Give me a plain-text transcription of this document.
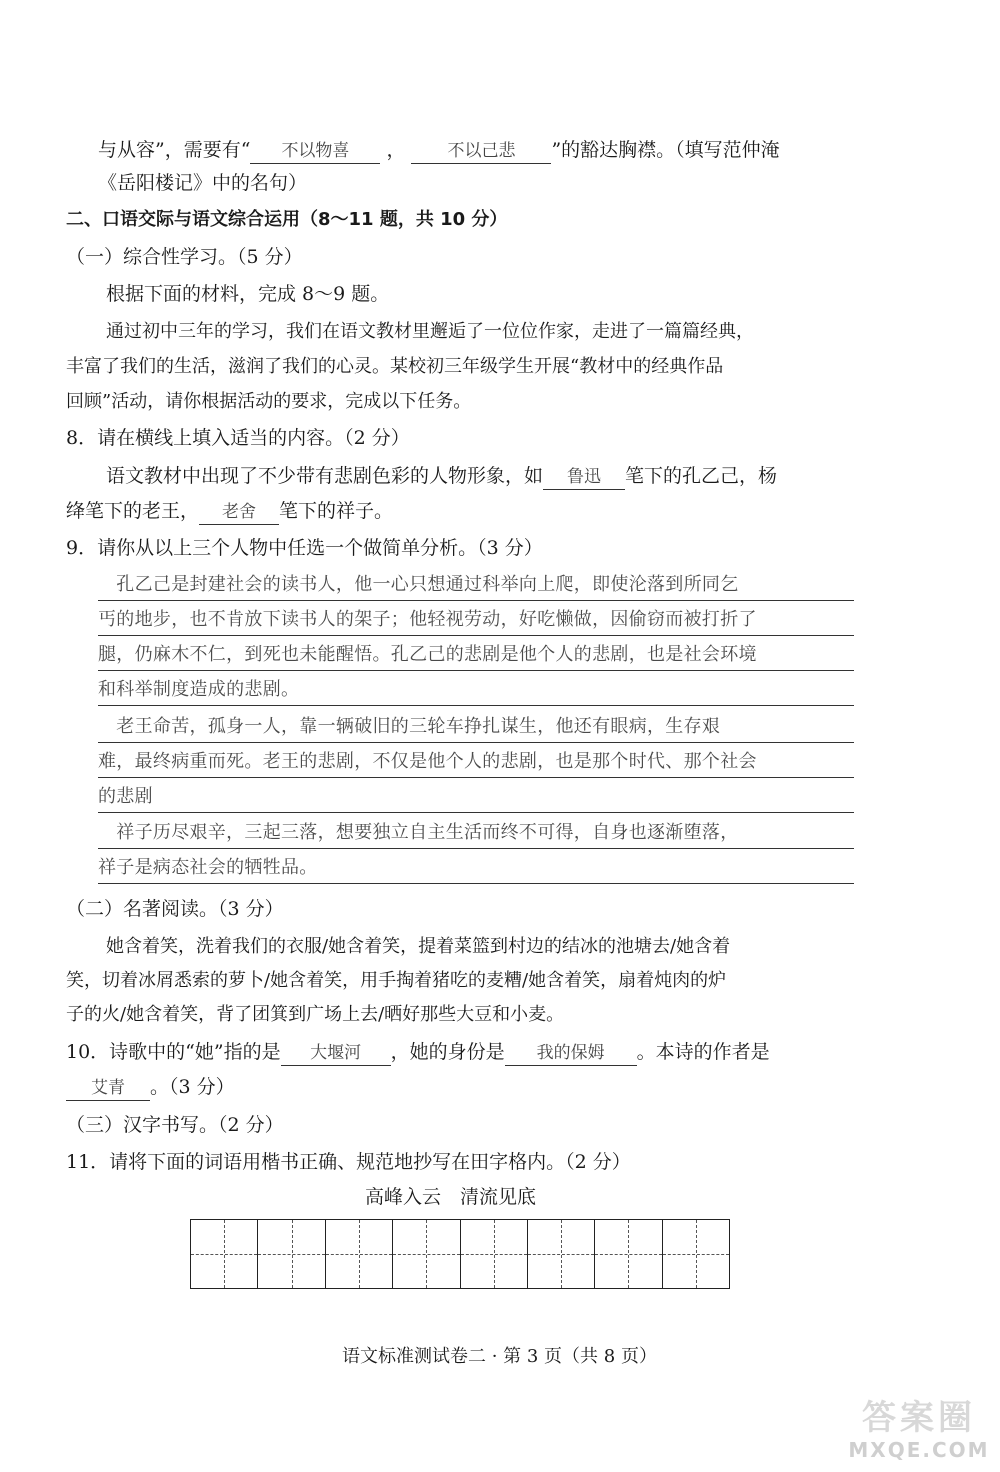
与从容”，需要有“ 不以物喜 ， 不以己悲 ”的豁达胸襟。（填写范仲淹
《岳阳楼记》中的名句）
二、口语交际与语文综合运用（8～11 题，共 10 分）
（一）综合性学习。（5 分）
根据下面的材料，完成 8～9 题。
通过初中三年的学习，我们在语文教材里邂逅了一位位作家，走进了一篇篇经典，
丰富了我们的生活，滋润了我们的心灵。某校初三年级学生开展“教材中的经典作品
回顾”活动，请你根据活动的要求，完成以下任务。
8．请在横线上填入适当的内容。（2 分）
语文教材中出现了不少带有悲剧色彩的人物形象，如 鲁迅 笔下的孔乙己，杨
绛笔下的老王， 老舍 笔下的祥子。
9．请你从以上三个人物中任选一个做简单分析。（3 分）
　孔乙己是封建社会的读书人，他一心只想通过科举向上爬，即使沦落到所同乞
丐的地步，也不肯放下读书人的架子；他轻视劳动，好吃懒做，因偷窃而被打折了
腿，仍麻木不仁，到死也未能醒悟。孔乙己的悲剧是他个人的悲剧，也是社会环境
和科举制度造成的悲剧。
　老王命苦，孤身一人，靠一辆破旧的三轮车挣扎谋生，他还有眼病，生存艰
难，最终病重而死。老王的悲剧，不仅是他个人的悲剧，也是那个时代、那个社会
的悲剧
　祥子历尽艰辛，三起三落，想要独立自主生活而终不可得，自身也逐渐堕落，
祥子是病态社会的牺牲品。
（二）名著阅读。（3 分）
她含着笑，洗着我们的衣服/她含着笑，提着菜篮到村边的结冰的池塘去/她含着
笑，切着冰屑悉索的萝卜/她含着笑，用手掏着猪吃的麦糟/她含着笑，扇着炖肉的炉
子的火/她含着笑，背了团箕到广场上去/晒好那些大豆和小麦。
10．诗歌中的“她”指的是 大堰河 ，她的身份是 我的保姆 。本诗的作者是
艾青 。（3 分）
（三）汉字书写。（2 分）
11．请将下面的词语用楷书正确、规范地抄写在田字格内。（2 分）
高峰入云　清流见底
语文标准测试卷二 · 第 3 页（共 8 页）
答案圈
MXQE.COM
